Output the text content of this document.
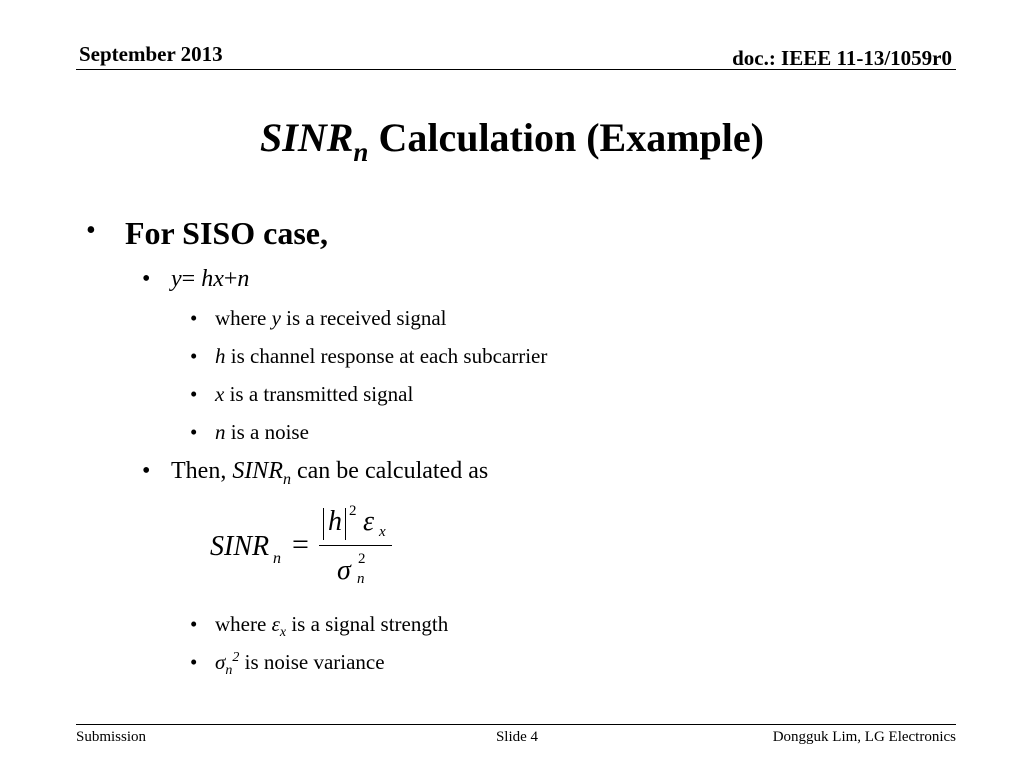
September 2013	doc.: IEEE 11-13/1059r0
$SINR_n$ Calculation (Example)
• For SISO case,
• y= hx+n
• where y is a received signal
• h is channel response at each subcarrier
• x is a transmitted signal
• n is a noise
• Then, $SINR_n$ can be calculated as
SINR n =
h 2 ε x
σ 2
n
• where $\varepsilon_x$ is a signal strength
• $\sigma_n^2$ is noise variance
Submission	Slide 4	Dongguk Lim, LG Electronics
